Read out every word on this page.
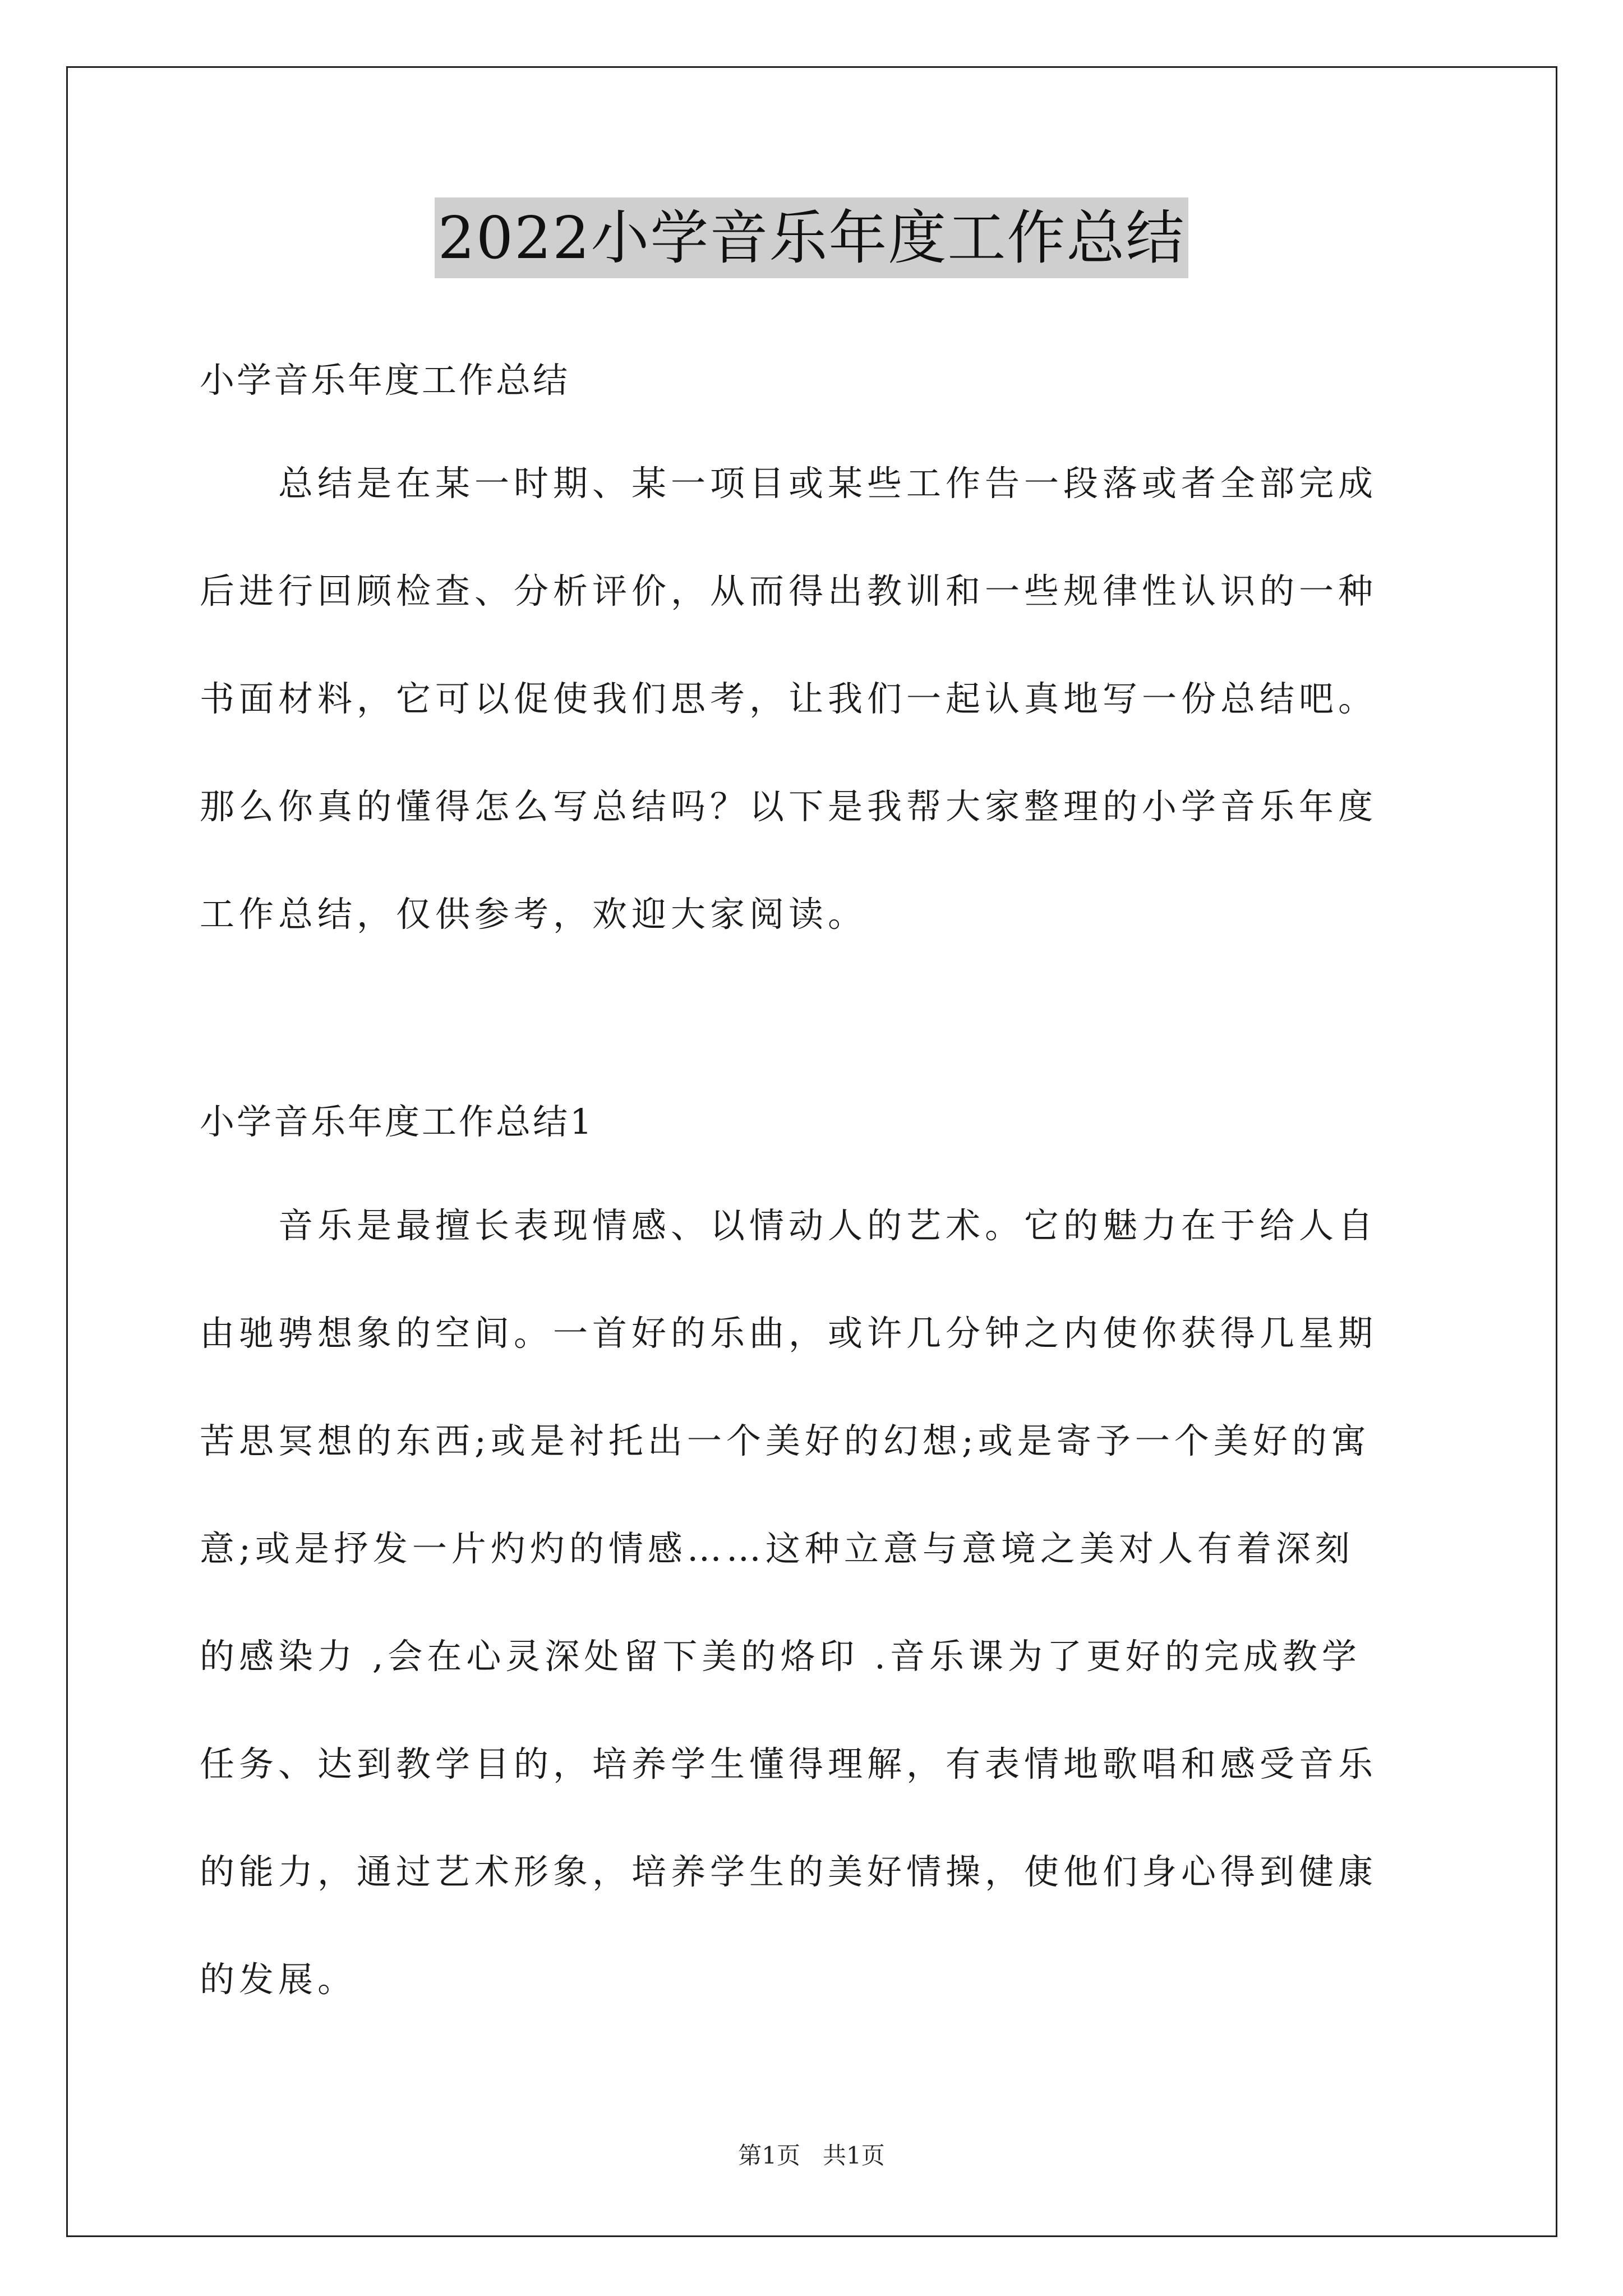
2022小学音乐年度工作总结
小学音乐年度工作总结
　　总结是在某一时期、某一项目或某些工作告一段落或者全部完成
后进行回顾检查、分析评价，从而得出教训和一些规律性认识的一种
书面材料，它可以促使我们思考，让我们一起认真地写一份总结吧。
那么你真的懂得怎么写总结吗？以下是我帮大家整理的小学音乐年度
工作总结，仅供参考，欢迎大家阅读。
小学音乐年度工作总结1
　　音乐是最擅长表现情感、以情动人的艺术。它的魅力在于给人自
由驰骋想象的空间。一首好的乐曲，或许几分钟之内使你获得几星期
苦思冥想的东西;或是衬托出一个美好的幻想;或是寄予一个美好的寓
意;或是抒发一片灼灼的情感……这种立意与意境之美对人有着深刻
的感染力 ,会在心灵深处留下美的烙印 .音乐课为了更好的完成教学
任务、达到教学目的，培养学生懂得理解，有表情地歌唱和感受音乐
的能力，通过艺术形象，培养学生的美好情操，使他们身心得到健康
的发展。
第1页 共1页
